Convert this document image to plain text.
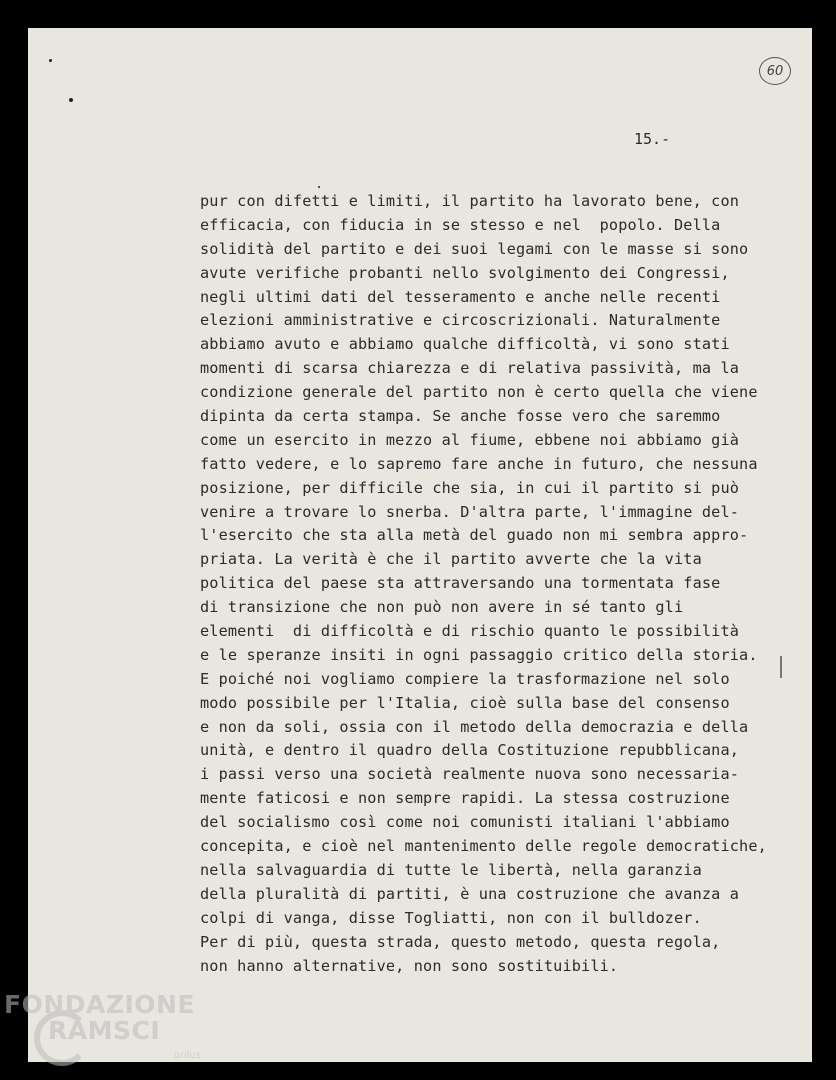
60
15.-
pur con difetti e limiti, il partito ha lavorato bene, con
efficacia, con fiducia in se stesso e nel  popolo. Della
solidità del partito e dei suoi legami con le masse si sono
avute verifiche probanti nello svolgimento dei Congressi,
negli ultimi dati del tesseramento e anche nelle recenti
elezioni amministrative e circoscrizionali. Naturalmente
abbiamo avuto e abbiamo qualche difficoltà, vi sono stati
momenti di scarsa chiarezza e di relativa passività, ma la
condizione generale del partito non è certo quella che viene
dipinta da certa stampa. Se anche fosse vero che saremmo
come un esercito in mezzo al fiume, ebbene noi abbiamo già
fatto vedere, e lo sapremo fare anche in futuro, che nessuna
posizione, per difficile che sia, in cui il partito si può
venire a trovare lo snerba. D'altra parte, l'immagine del-
l'esercito che sta alla metà del guado non mi sembra appro-
priata. La verità è che il partito avverte che la vita
politica del paese sta attraversando una tormentata fase
di transizione che non può non avere in sé tanto gli
elementi  di difficoltà e di rischio quanto le possibilità
e le speranze insiti in ogni passaggio critico della storia.
E poiché noi vogliamo compiere la trasformazione nel solo
modo possibile per l'Italia, cioè sulla base del consenso
e non da soli, ossia con il metodo della democrazia e della
unità, e dentro il quadro della Costituzione repubblicana,
i passi verso una società realmente nuova sono necessaria-
mente faticosi e non sempre rapidi. La stessa costruzione
del socialismo così come noi comunisti italiani l'abbiamo
concepita, e cioè nel mantenimento delle regole democratiche,
nella salvaguardia di tutte le libertà, nella garanzia
della pluralità di partiti, è una costruzione che avanza a
colpi di vanga, disse Togliatti, non con il bulldozer.
Per di più, questa strada, questo metodo, questa regola,
non hanno alternative, non sono sostituibili.
FONDAZIONE
RAMSCI
onlus
